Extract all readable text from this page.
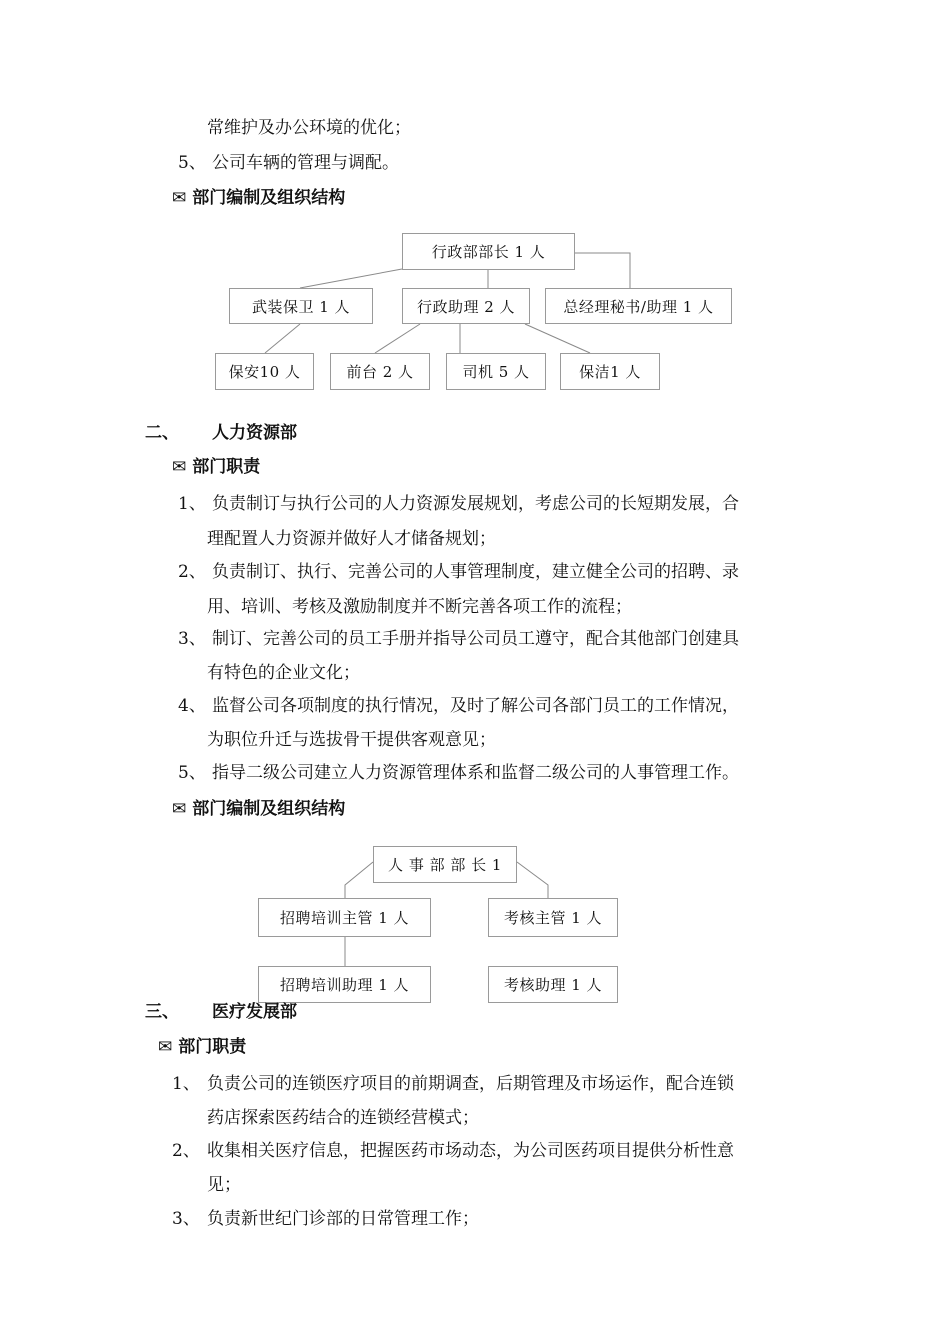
常维护及办公环境的优化；
5、 公司车辆的管理与调配。
✉ 部门编制及组织结构
行政部部长 1 人
武装保卫 1 人	行政助理 2 人	总经理秘书/助理 1 人
保安10 人	前台 2 人	司机 5 人	保洁1 人
二、 人力资源部
✉ 部门职责
1、 负责制订与执行公司的人力资源发展规划，考虑公司的长短期发展，合
理配置人力资源并做好人才储备规划；
2、 负责制订、执行、完善公司的人事管理制度，建立健全公司的招聘、录
用、培训、考核及激励制度并不断完善各项工作的流程；
3、 制订、完善公司的员工手册并指导公司员工遵守，配合其他部门创建具
有特色的企业文化；
4、 监督公司各项制度的执行情况，及时了解公司各部门员工的工作情况，
为职位升迁与选拔骨干提供客观意见；
5、 指导二级公司建立人力资源管理体系和监督二级公司的人事管理工作。
✉ 部门编制及组织结构
人 事 部 部 长 1
招聘培训主管 1 人
招聘培训助理 1 人
考核主管 1 人
考核助理 1 人
三、 医疗发展部
✉ 部门职责
1、 负责公司的连锁医疗项目的前期调查，后期管理及市场运作，配合连锁
药店探索医药结合的连锁经营模式；
2、 收集相关医疗信息，把握医药市场动态，为公司医药项目提供分析性意
见；
3、 负责新世纪门诊部的日常管理工作；
